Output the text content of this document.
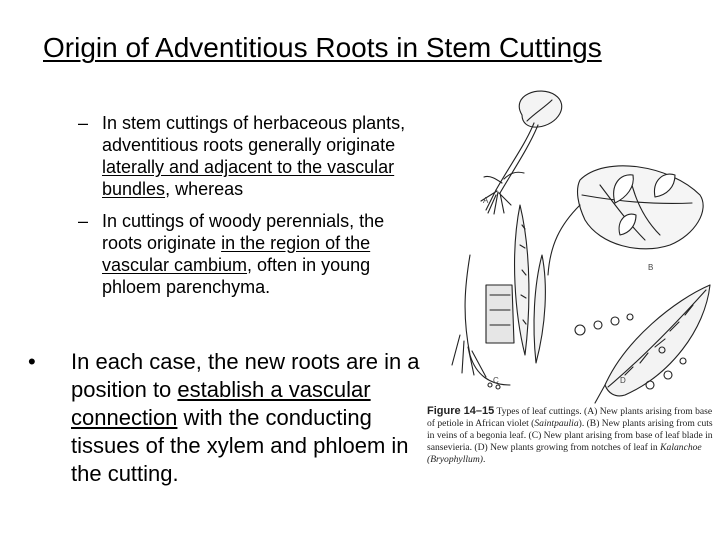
Origin of Adventitious Roots in Stem Cuttings
– In stem cuttings of herbaceous plants, adventitious roots generally originate laterally and adjacent to the vascular bundles, whereas
– In cuttings of woody perennials, the roots originate in the region of the vascular cambium, often in young phloem parenchyma.
• In each case, the new roots are in a position to establish a vascular connection with the conducting tissues of the xylem and phloem in the cutting.
A
B
C	D
Figure 14–15 Types of leaf cuttings. (A) New plants arising from base of petiole in African violet (Saintpaulia). (B) New plants arising from cuts in veins of a begonia leaf. (C) New plant arising from base of leaf blade in sansevieria. (D) New plants growing from notches of leaf in Kalanchoe (Bryophyllum).
